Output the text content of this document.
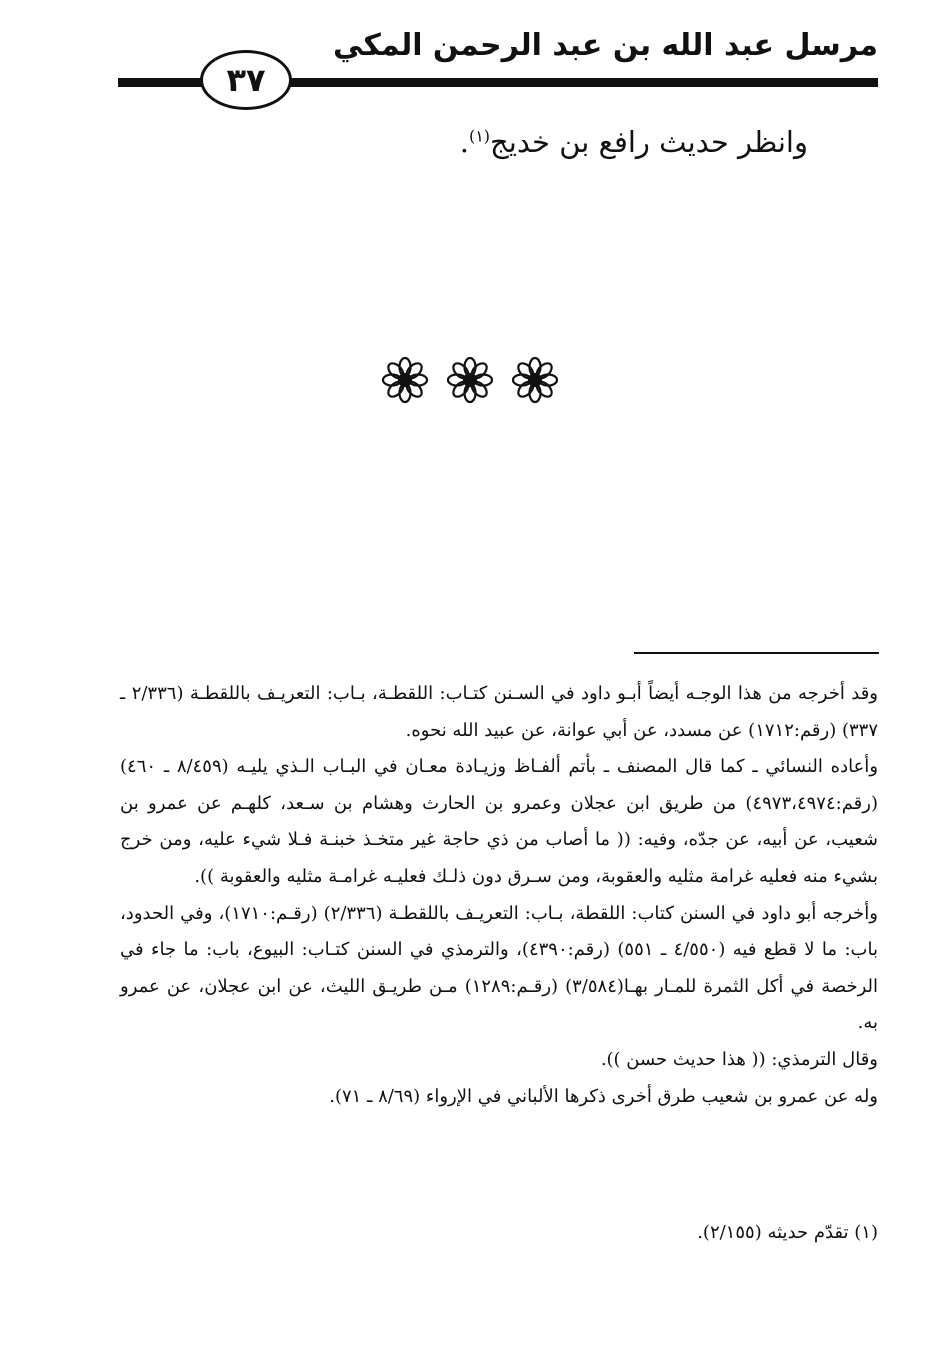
مرسل عبد الله بن عبد الرحمن المكي
٣٧
وانظر حديث رافع بن خديج$^{(١)}$.

وقد أخرجه من هذا الوجـه أيضاً أبـو داود في السـنن كتـاب: اللقطـة، بـاب: التعريـف باللقطـة (٢/٣٣٦ ـ ٣٣٧) (رقم:١٧١٢) عن مسدد، عن أبي عوانة، عن عبيد الله نحوه.

وأعاده النسائي ـ كما قال المصنف ـ بأتم ألفـاظ وزيـادة معـان في البـاب الـذي يليـه (٨/٤٥٩ ـ ٤٦٠) (رقم:٤٩٧٣،٤٩٧٤) من طريق ابن عجلان وعمرو بن الحارث وهشام بن سـعد، كلهـم عن عمرو بن شعيب، عن أبيه، عن جدّه، وفيه: (( ما أصاب من ذي حاجة غير متخـذ خبنـة فـلا شيء عليه، ومن خرج بشيء منه فعليه غرامة مثليه والعقوبة، ومن سـرق دون ذلـك فعليـه غرامـة مثليه والعقوبة )).

وأخرجه أبو داود في السنن كتاب: اللقطة، بـاب: التعريـف باللقطـة (٢/٣٣٦) (رقـم:١٧١٠)، وفي الحدود، باب: ما لا قطع فيه (٤/٥٥٠ ـ ٥٥١) (رقم:٤٣٩٠)، والترمذي في السنن كتـاب: البيوع، باب: ما جاء في الرخصة في أكل الثمرة للمـار بهـا(٣/٥٨٤) (رقـم:١٢٨٩) مـن طريـق الليث، عن ابن عجلان، عن عمرو به.

وقال الترمذي: (( هذا حديث حسن )).

وله عن عمرو بن شعيب طرق أخرى ذكرها الألباني في الإرواء (٨/٦٩ ـ ٧١).

(١) تقدّم حديثه (٢/١٥٥).
